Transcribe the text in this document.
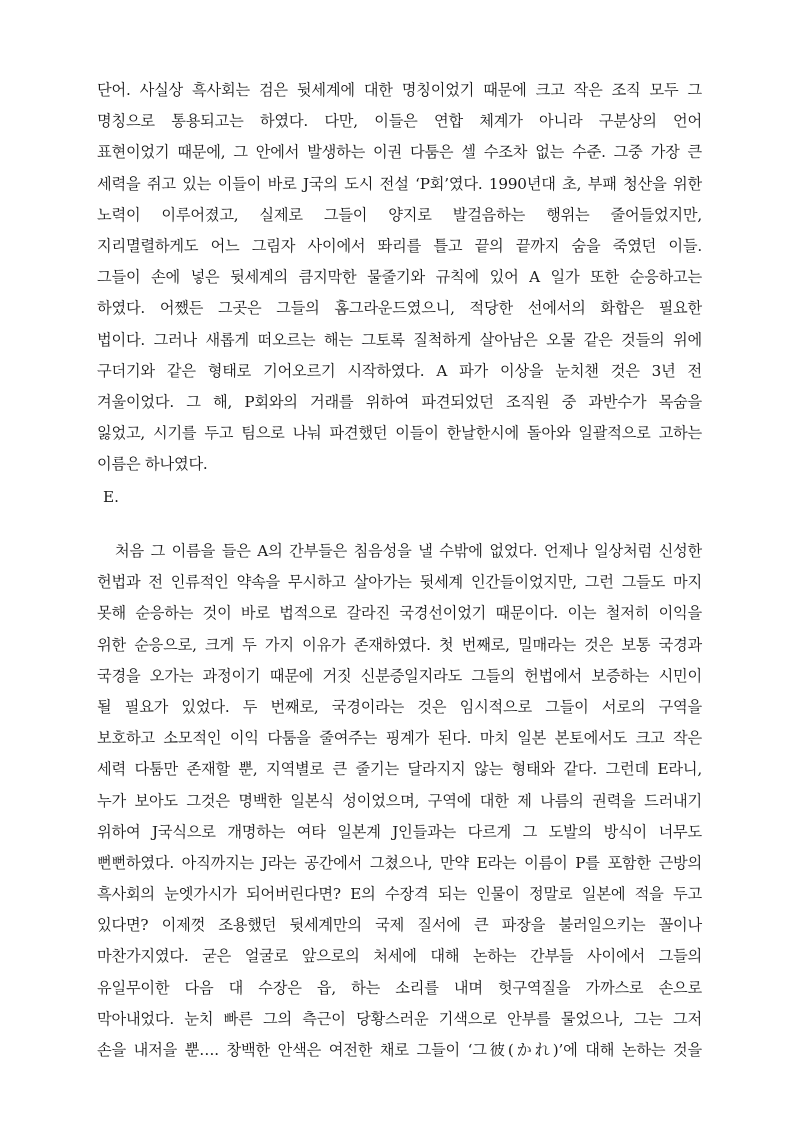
단어. 사실상 흑사회는 검은 뒷세계에 대한 명칭이었기 때문에 크고 작은 조직 모두 그
명칭으로 통용되고는 하였다. 다만, 이들은 연합 체계가 아니라 구분상의 언어
표현이었기 때문에, 그 안에서 발생하는 이권 다툼은 셀 수조차 없는 수준. 그중 가장 큰
세력을 쥐고 있는 이들이 바로 J국의 도시 전설 ‘P회’였다. 1990년대 초, 부패 청산을 위한
노력이 이루어졌고, 실제로 그들이 양지로 발걸음하는 행위는 줄어들었지만,
지리멸렬하게도 어느 그림자 사이에서 똬리를 틀고 끝의 끝까지 숨을 죽였던 이들.
그들이 손에 넣은 뒷세계의 큼지막한 물줄기와 규칙에 있어 A 일가 또한 순응하고는
하였다. 어쨌든 그곳은 그들의 홈그라운드였으니, 적당한 선에서의 화합은 필요한
법이다. 그러나 새롭게 떠오르는 해는 그토록 질척하게 살아남은 오물 같은 것들의 위에
구더기와 같은 형태로 기어오르기 시작하였다. A 파가 이상을 눈치챈 것은 3년 전
겨울이었다. 그 해, P회와의 거래를 위하여 파견되었던 조직원 중 과반수가 목숨을
잃었고, 시기를 두고 팀으로 나눠 파견했던 이들이 한날한시에 돌아와 일괄적으로 고하는
이름은 하나였다.
E.
처음 그 이름을 들은 A의 간부들은 침음성을 낼 수밖에 없었다. 언제나 일상처럼 신성한
헌법과 전 인류적인 약속을 무시하고 살아가는 뒷세계 인간들이었지만, 그런 그들도 마지
못해 순응하는 것이 바로 법적으로 갈라진 국경선이었기 때문이다. 이는 철저히 이익을
위한 순응으로, 크게 두 가지 이유가 존재하였다. 첫 번째로, 밀매라는 것은 보통 국경과
국경을 오가는 과정이기 때문에 거짓 신분증일지라도 그들의 헌법에서 보증하는 시민이
될 필요가 있었다. 두 번째로, 국경이라는 것은 임시적으로 그들이 서로의 구역을
보호하고 소모적인 이익 다툼을 줄여주는 핑계가 된다. 마치 일본 본토에서도 크고 작은
세력 다툼만 존재할 뿐, 지역별로 큰 줄기는 달라지지 않는 형태와 같다. 그런데 E라니,
누가 보아도 그것은 명백한 일본식 성이었으며, 구역에 대한 제 나름의 권력을 드러내기
위하여 J국식으로 개명하는 여타 일본계 J인들과는 다르게 그 도발의 방식이 너무도
뻔뻔하였다. 아직까지는 J라는 공간에서 그쳤으나, 만약 E라는 이름이 P를 포함한 근방의
흑사회의 눈엣가시가 되어버린다면? E의 수장격 되는 인물이 정말로 일본에 적을 두고
있다면? 이제껏 조용했던 뒷세계만의 국제 질서에 큰 파장을 불러일으키는 꼴이나
마찬가지였다. 굳은 얼굴로 앞으로의 처세에 대해 논하는 간부들 사이에서 그들의
유일무이한 다음 대 수장은 읍, 하는 소리를 내며 헛구역질을 가까스로 손으로
막아내었다. 눈치 빠른 그의 측근이 당황스러운 기색으로 안부를 물었으나, 그는 그저
손을 내저을 뿐…. 창백한 안색은 여전한 채로 그들이 ‘그彼(かれ)’에 대해 논하는 것을
